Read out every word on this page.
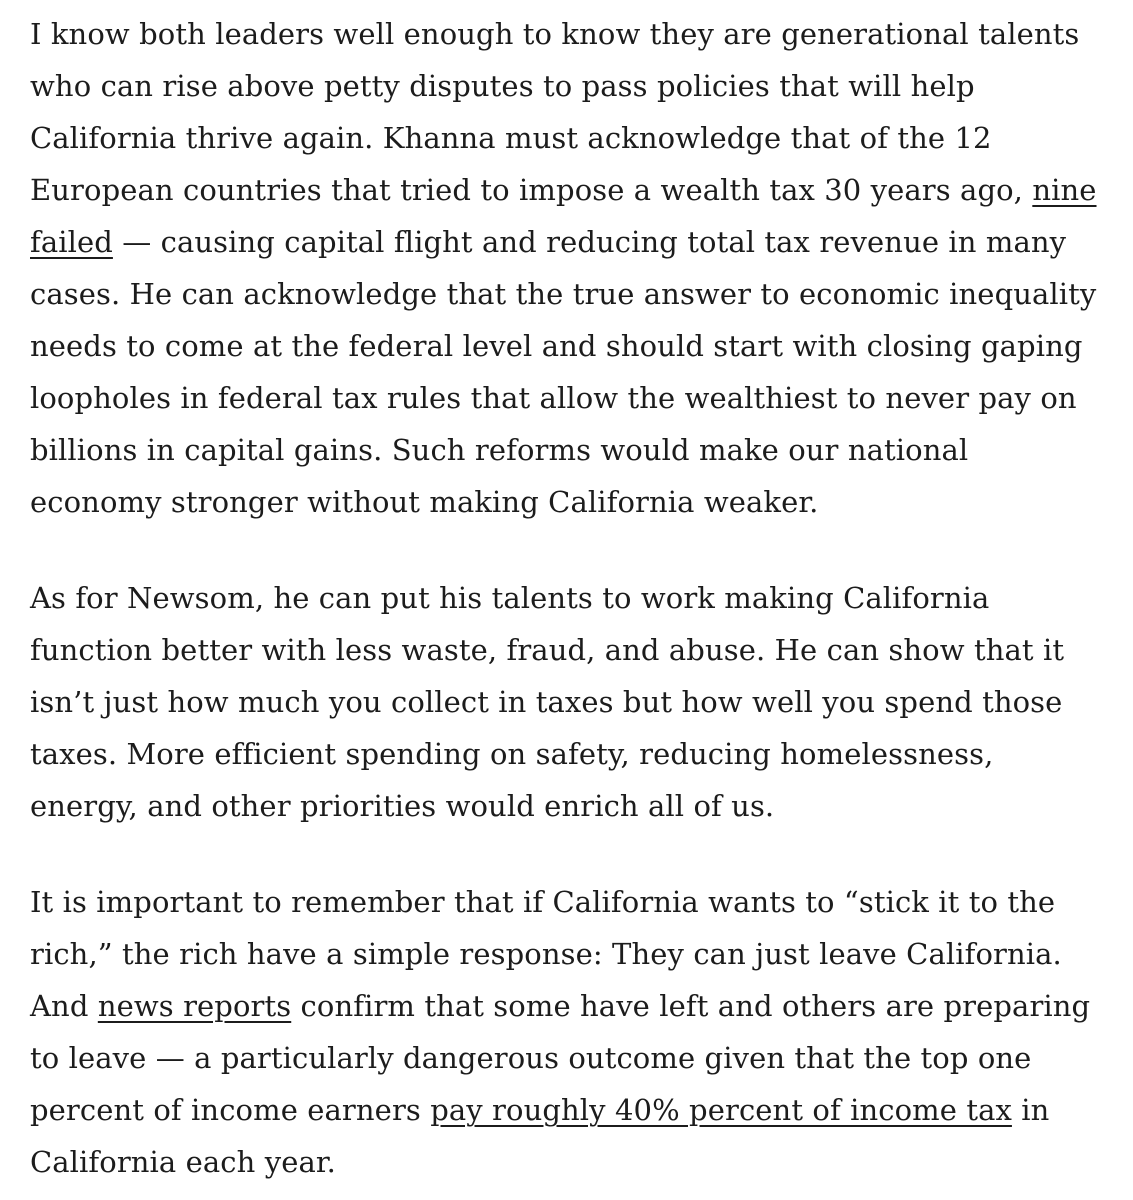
I know both leaders well enough to know they are generational talents who can rise above petty disputes to pass policies that will help California thrive again. Khanna must acknowledge that of the 12 European countries that tried to impose a wealth tax 30 years ago, nine failed — causing capital flight and reducing total tax revenue in many cases. He can acknowledge that the true answer to economic inequality needs to come at the federal level and should start with closing gaping loopholes in federal tax rules that allow the wealthiest to never pay on billions in capital gains. Such reforms would make our national economy stronger without making California weaker.

As for Newsom, he can put his talents to work making California function better with less waste, fraud, and abuse. He can show that it isn’t just how much you collect in taxes but how well you spend those taxes. More efficient spending on safety, reducing homelessness, energy, and other priorities would enrich all of us.

It is important to remember that if California wants to “stick it to the rich,” the rich have a simple response: They can just leave California. And news reports confirm that some have left and others are preparing to leave — a particularly dangerous outcome given that the top one percent of income earners pay roughly 40% percent of income tax in California each year.
